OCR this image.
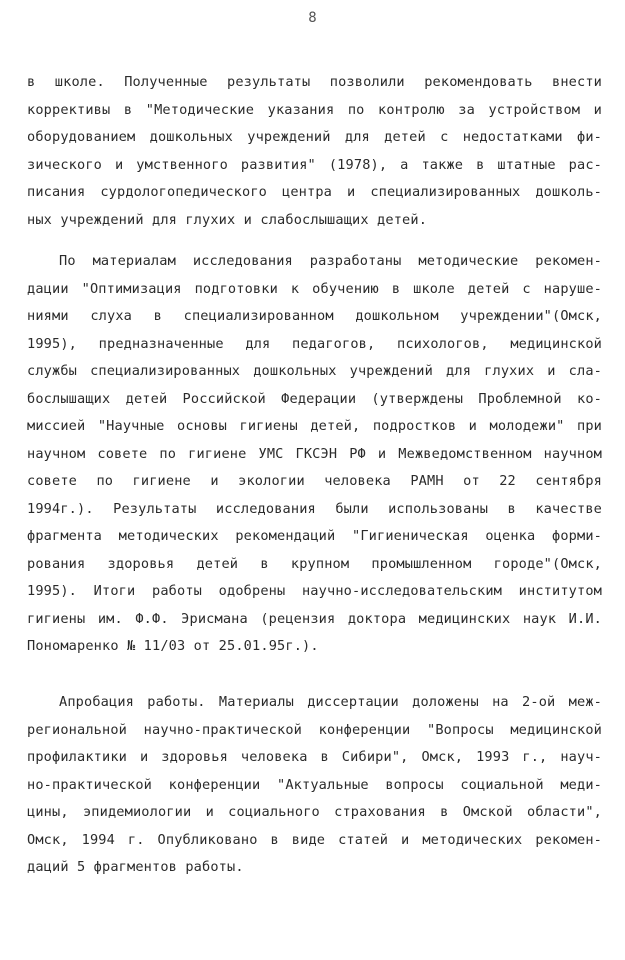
8
в школе. Полученные результаты позволили рекомендовать внести
коррективы в "Методические указания по контролю за устройством и
оборудованием дошкольных учреждений для детей с недостатками фи-
зического и умственного развития" (1978), а также в штатные рас-
писания сурдологопедического центра и специализированных дошколь-
ных учреждений для глухих и слабослышащих детей.
По материалам исследования разработаны методические рекомен-
дации "Оптимизация подготовки к обучению в школе детей с наруше-
ниями слуха в специализированном дошкольном учреждении"(Омск,
1995), предназначенные для педагогов, психологов, медицинской
службы специализированных дошкольных учреждений для глухих и сла-
бослышащих детей Российской Федерации (утверждены Проблемной ко-
миссией "Научные основы гигиены детей, подростков и молодежи" при
научном совете по гигиене УМС ГКСЭН РФ и Межведомственном научном
совете по гигиене и экологии человека РАМН от 22 сентября
1994г.). Результаты исследования были использованы в качестве
фрагмента методических рекомендаций "Гигиеническая оценка форми-
рования здоровья детей в крупном промышленном городе"(Омск,
1995). Итоги работы одобрены научно-исследовательским институтом
гигиены им. Ф.Ф. Эрисмана (рецензия доктора медицинских наук И.И.
Пономаренко № 11/03 от 25.01.95г.).
Апробация работы. Материалы диссертации доложены на 2-ой меж-
региональной научно-практической конференции "Вопросы медицинской
профилактики и здоровья человека в Сибири", Омск, 1993 г., науч-
но-практической конференции "Актуальные вопросы социальной меди-
цины, эпидемиологии и социального страхования в Омской области",
Омск, 1994 г. Опубликовано в виде статей и методических рекомен-
даций 5 фрагментов работы.
